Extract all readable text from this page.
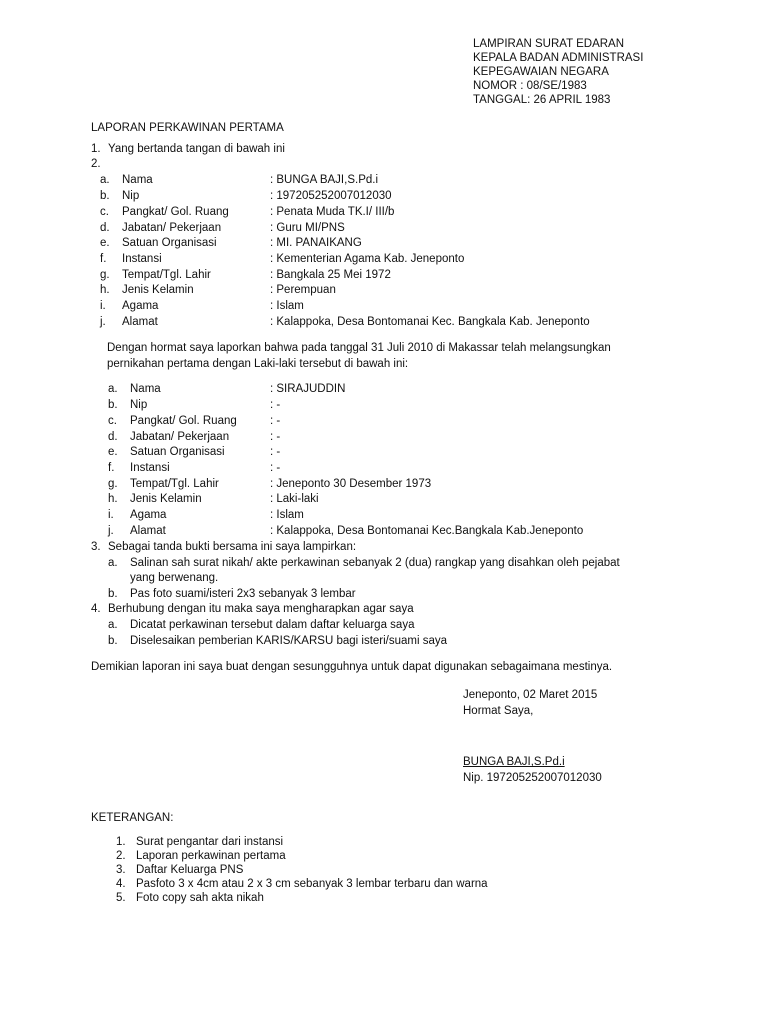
LAMPIRAN SURAT EDARAN
KEPALA BADAN ADMINISTRASI
KEPEGAWAIAN NEGARA
NOMOR : 08/SE/1983
TANGGAL: 26 APRIL 1983
LAPORAN PERKAWINAN PERTAMA
1. Yang bertanda tangan di bawah ini
2.
a. Nama	: BUNGA BAJI,S.Pd.i
b. Nip	: 197205252007012030
c. Pangkat/ Gol. Ruang	: Penata Muda TK.I/ III/b
d. Jabatan/ Pekerjaan	: Guru MI/PNS
e. Satuan Organisasi	: MI. PANAIKANG
f. Instansi	: Kementerian Agama Kab. Jeneponto
g. Tempat/Tgl. Lahir	: Bangkala 25 Mei 1972
h. Jenis Kelamin	: Perempuan
i. Agama	: Islam
j. Alamat	: Kalappoka, Desa Bontomanai Kec. Bangkala Kab. Jeneponto
Dengan hormat saya laporkan bahwa pada tanggal 31 Juli 2010 di Makassar telah melangsungkan
pernikahan pertama dengan Laki-laki tersebut di bawah ini:
a. Nama	: SIRAJUDDIN
b. Nip	: -
c. Pangkat/ Gol. Ruang	: -
d. Jabatan/ Pekerjaan	: -
e. Satuan Organisasi	: -
f. Instansi	: -
g. Tempat/Tgl. Lahir	: Jeneponto 30 Desember 1973
h. Jenis Kelamin	: Laki-laki
i. Agama	: Islam
j. Alamat	: Kalappoka, Desa Bontomanai Kec.Bangkala Kab.Jeneponto
3. Sebagai tanda bukti bersama ini saya lampirkan:
a. Salinan sah surat nikah/ akte perkawinan sebanyak 2 (dua) rangkap yang disahkan oleh pejabat
yang berwenang.
b. Pas foto suami/isteri 2x3 sebanyak 3 lembar
4. Berhubung dengan itu maka saya mengharapkan agar saya
a. Dicatat perkawinan tersebut dalam daftar keluarga saya
b. Diselesaikan pemberian KARIS/KARSU bagi isteri/suami saya
Demikian laporan ini saya buat dengan sesungguhnya untuk dapat digunakan sebagaimana mestinya.
Jeneponto, 02 Maret 2015
Hormat Saya,
BUNGA BAJI,S.Pd.i
Nip. 197205252007012030
KETERANGAN:
1. Surat pengantar dari instansi
2. Laporan perkawinan pertama
3. Daftar Keluarga PNS
4. Pasfoto 3 x 4cm atau 2 x 3 cm sebanyak 3 lembar terbaru dan warna
5. Foto copy sah akta nikah
